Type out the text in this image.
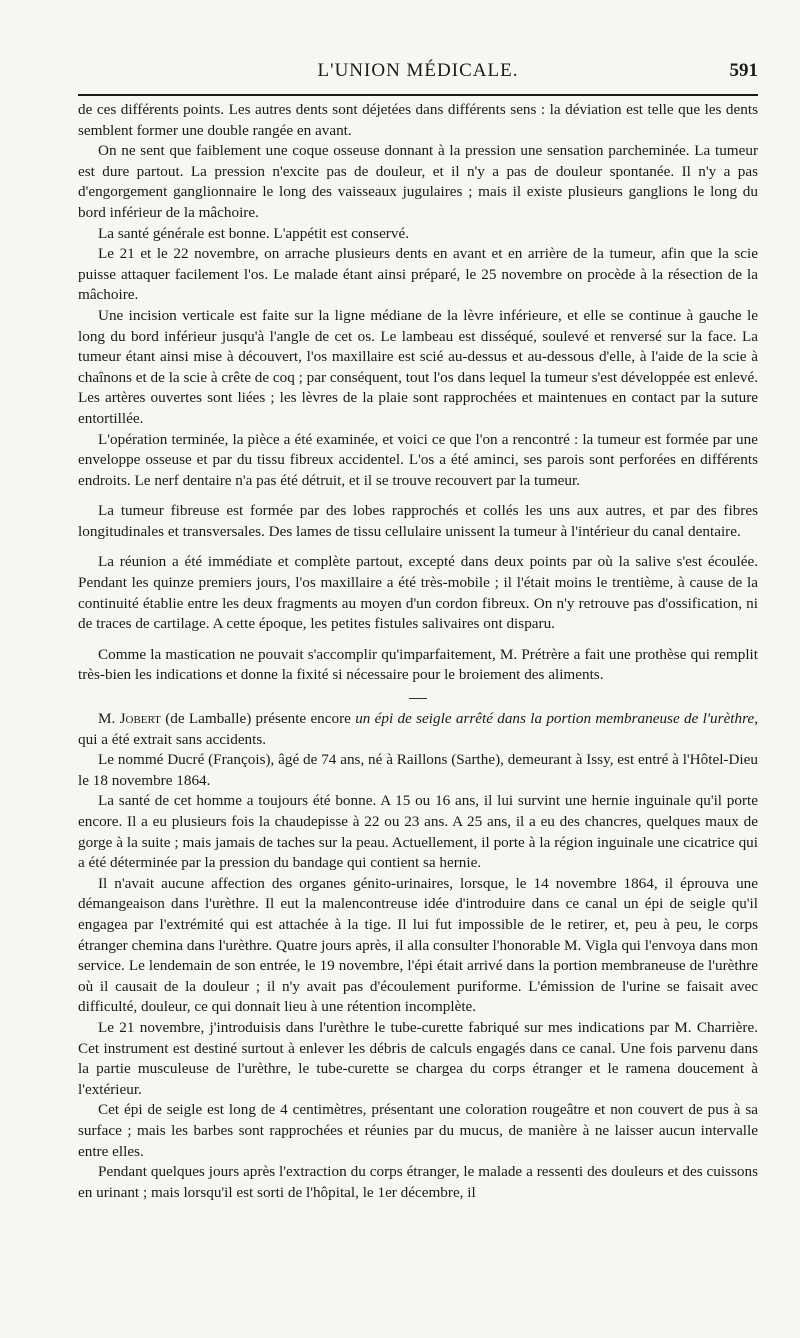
L'UNION MÉDICALE.	591

de ces différents points. Les autres dents sont déjetées dans différents sens : la déviation est telle que les dents semblent former une double rangée en avant.

On ne sent que faiblement une coque osseuse donnant à la pression une sensation parcheminée. La tumeur est dure partout. La pression n'excite pas de douleur, et il n'y a pas de douleur spontanée. Il n'y a pas d'engorgement ganglionnaire le long des vaisseaux jugulaires ; mais il existe plusieurs ganglions le long du bord inférieur de la mâchoire.

La santé générale est bonne. L'appétit est conservé.

Le 21 et le 22 novembre, on arrache plusieurs dents en avant et en arrière de la tumeur, afin que la scie puisse attaquer facilement l'os. Le malade étant ainsi préparé, le 25 novembre on procède à la résection de la mâchoire.

Une incision verticale est faite sur la ligne médiane de la lèvre inférieure, et elle se continue à gauche le long du bord inférieur jusqu'à l'angle de cet os. Le lambeau est disséqué, soulevé et renversé sur la face. La tumeur étant ainsi mise à découvert, l'os maxillaire est scié au-dessus et au-dessous d'elle, à l'aide de la scie à chaînons et de la scie à crête de coq ; par conséquent, tout l'os dans lequel la tumeur s'est développée est enlevé. Les artères ouvertes sont liées ; les lèvres de la plaie sont rapprochées et maintenues en contact par la suture entortillée.

L'opération terminée, la pièce a été examinée, et voici ce que l'on a rencontré : la tumeur est formée par une enveloppe osseuse et par du tissu fibreux accidentel. L'os a été aminci, ses parois sont perforées en différents endroits. Le nerf dentaire n'a pas été détruit, et il se trouve recouvert par la tumeur.

La tumeur fibreuse est formée par des lobes rapprochés et collés les uns aux autres, et par des fibres longitudinales et transversales. Des lames de tissu cellulaire unissent la tumeur à l'intérieur du canal dentaire.

La réunion a été immédiate et complète partout, excepté dans deux points par où la salive s'est écoulée. Pendant les quinze premiers jours, l'os maxillaire a été très-mobile ; il l'était moins le trentième, à cause de la continuité établie entre les deux fragments au moyen d'un cordon fibreux. On n'y retrouve pas d'ossification, ni de traces de cartilage. A cette époque, les petites fistules salivaires ont disparu.

Comme la mastication ne pouvait s'accomplir qu'imparfaitement, M. Prétrère a fait une prothèse qui remplit très-bien les indications et donne la fixité si nécessaire pour le broiement des aliments.

M. Jobert (de Lamballe) présente encore un épi de seigle arrêté dans la portion membraneuse de l'urèthre, qui a été extrait sans accidents.

Le nommé Ducré (François), âgé de 74 ans, né à Raillons (Sarthe), demeurant à Issy, est entré à l'Hôtel-Dieu le 18 novembre 1864.

La santé de cet homme a toujours été bonne. A 15 ou 16 ans, il lui survint une hernie inguinale qu'il porte encore. Il a eu plusieurs fois la chaudepisse à 22 ou 23 ans. A 25 ans, il a eu des chancres, quelques maux de gorge à la suite ; mais jamais de taches sur la peau. Actuellement, il porte à la région inguinale une cicatrice qui a été déterminée par la pression du bandage qui contient sa hernie.

Il n'avait aucune affection des organes génito-urinaires, lorsque, le 14 novembre 1864, il éprouva une démangeaison dans l'urèthre. Il eut la malencontreuse idée d'introduire dans ce canal un épi de seigle qu'il engagea par l'extrémité qui est attachée à la tige. Il lui fut impossible de le retirer, et, peu à peu, le corps étranger chemina dans l'urèthre. Quatre jours après, il alla consulter l'honorable M. Vigla qui l'envoya dans mon service. Le lendemain de son entrée, le 19 novembre, l'épi était arrivé dans la portion membraneuse de l'urèthre où il causait de la douleur ; il n'y avait pas d'écoulement puriforme. L'émission de l'urine se faisait avec difficulté, douleur, ce qui donnait lieu à une rétention incomplète.

Le 21 novembre, j'introduisis dans l'urèthre le tube-curette fabriqué sur mes indications par M. Charrière. Cet instrument est destiné surtout à enlever les débris de calculs engagés dans ce canal. Une fois parvenu dans la partie musculeuse de l'urèthre, le tube-curette se chargea du corps étranger et le ramena doucement à l'extérieur.

Cet épi de seigle est long de 4 centimètres, présentant une coloration rougeâtre et non couvert de pus à sa surface ; mais les barbes sont rapprochées et réunies par du mucus, de manière à ne laisser aucun intervalle entre elles.

Pendant quelques jours après l'extraction du corps étranger, le malade a ressenti des douleurs et des cuissons en urinant ; mais lorsqu'il est sorti de l'hôpital, le 1er décembre, il
